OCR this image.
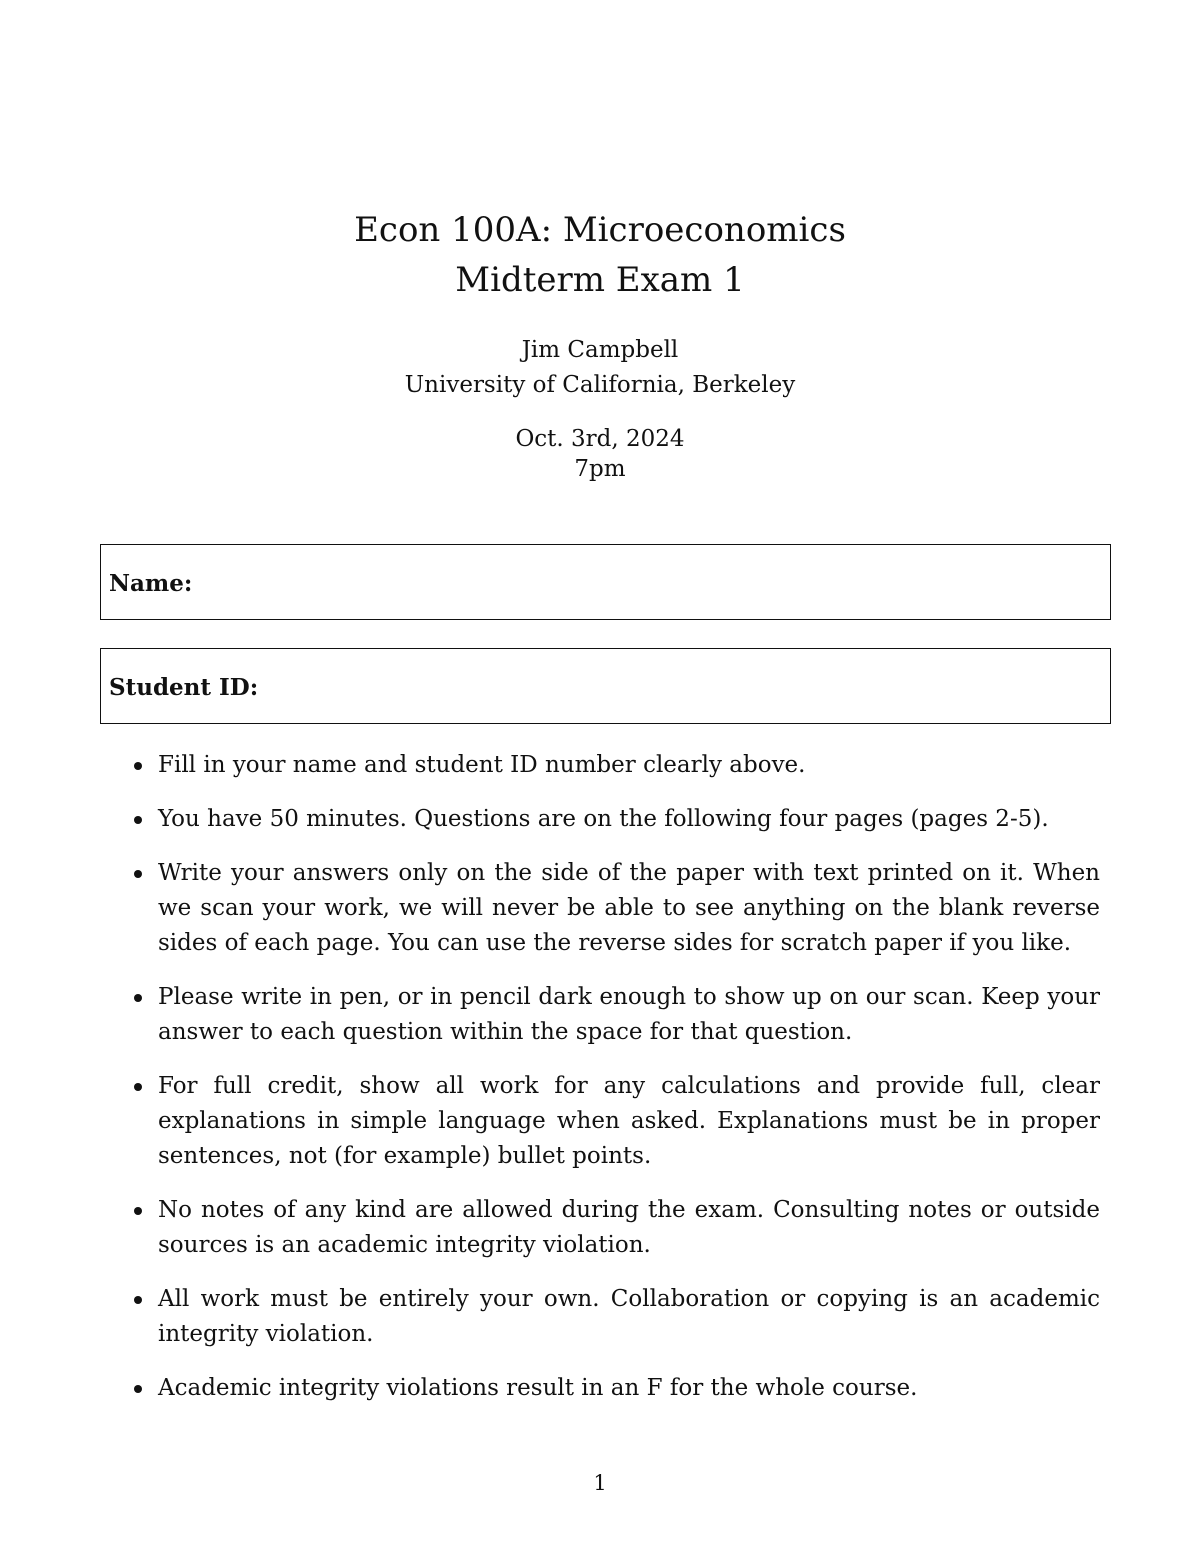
Econ 100A: Microeconomics
Midterm Exam 1
Jim Campbell
University of California, Berkeley
Oct. 3rd, 2024
7pm
Name:
Student ID:
Fill in your name and student ID number clearly above.
You have 50 minutes. Questions are on the following four pages (pages 2-5).
Write your answers only on the side of the paper with text printed on it. When we scan your work, we will never be able to see anything on the blank reverse sides of each page. You can use the reverse sides for scratch paper if you like.
Please write in pen, or in pencil dark enough to show up on our scan. Keep your answer to each question within the space for that question.
For full credit, show all work for any calculations and provide full, clear explanations in simple language when asked. Explanations must be in proper sentences, not (for example) bullet points.
No notes of any kind are allowed during the exam. Consulting notes or outside sources is an academic integrity violation.
All work must be entirely your own. Collaboration or copying is an academic integrity violation.
Academic integrity violations result in an F for the whole course.
1
